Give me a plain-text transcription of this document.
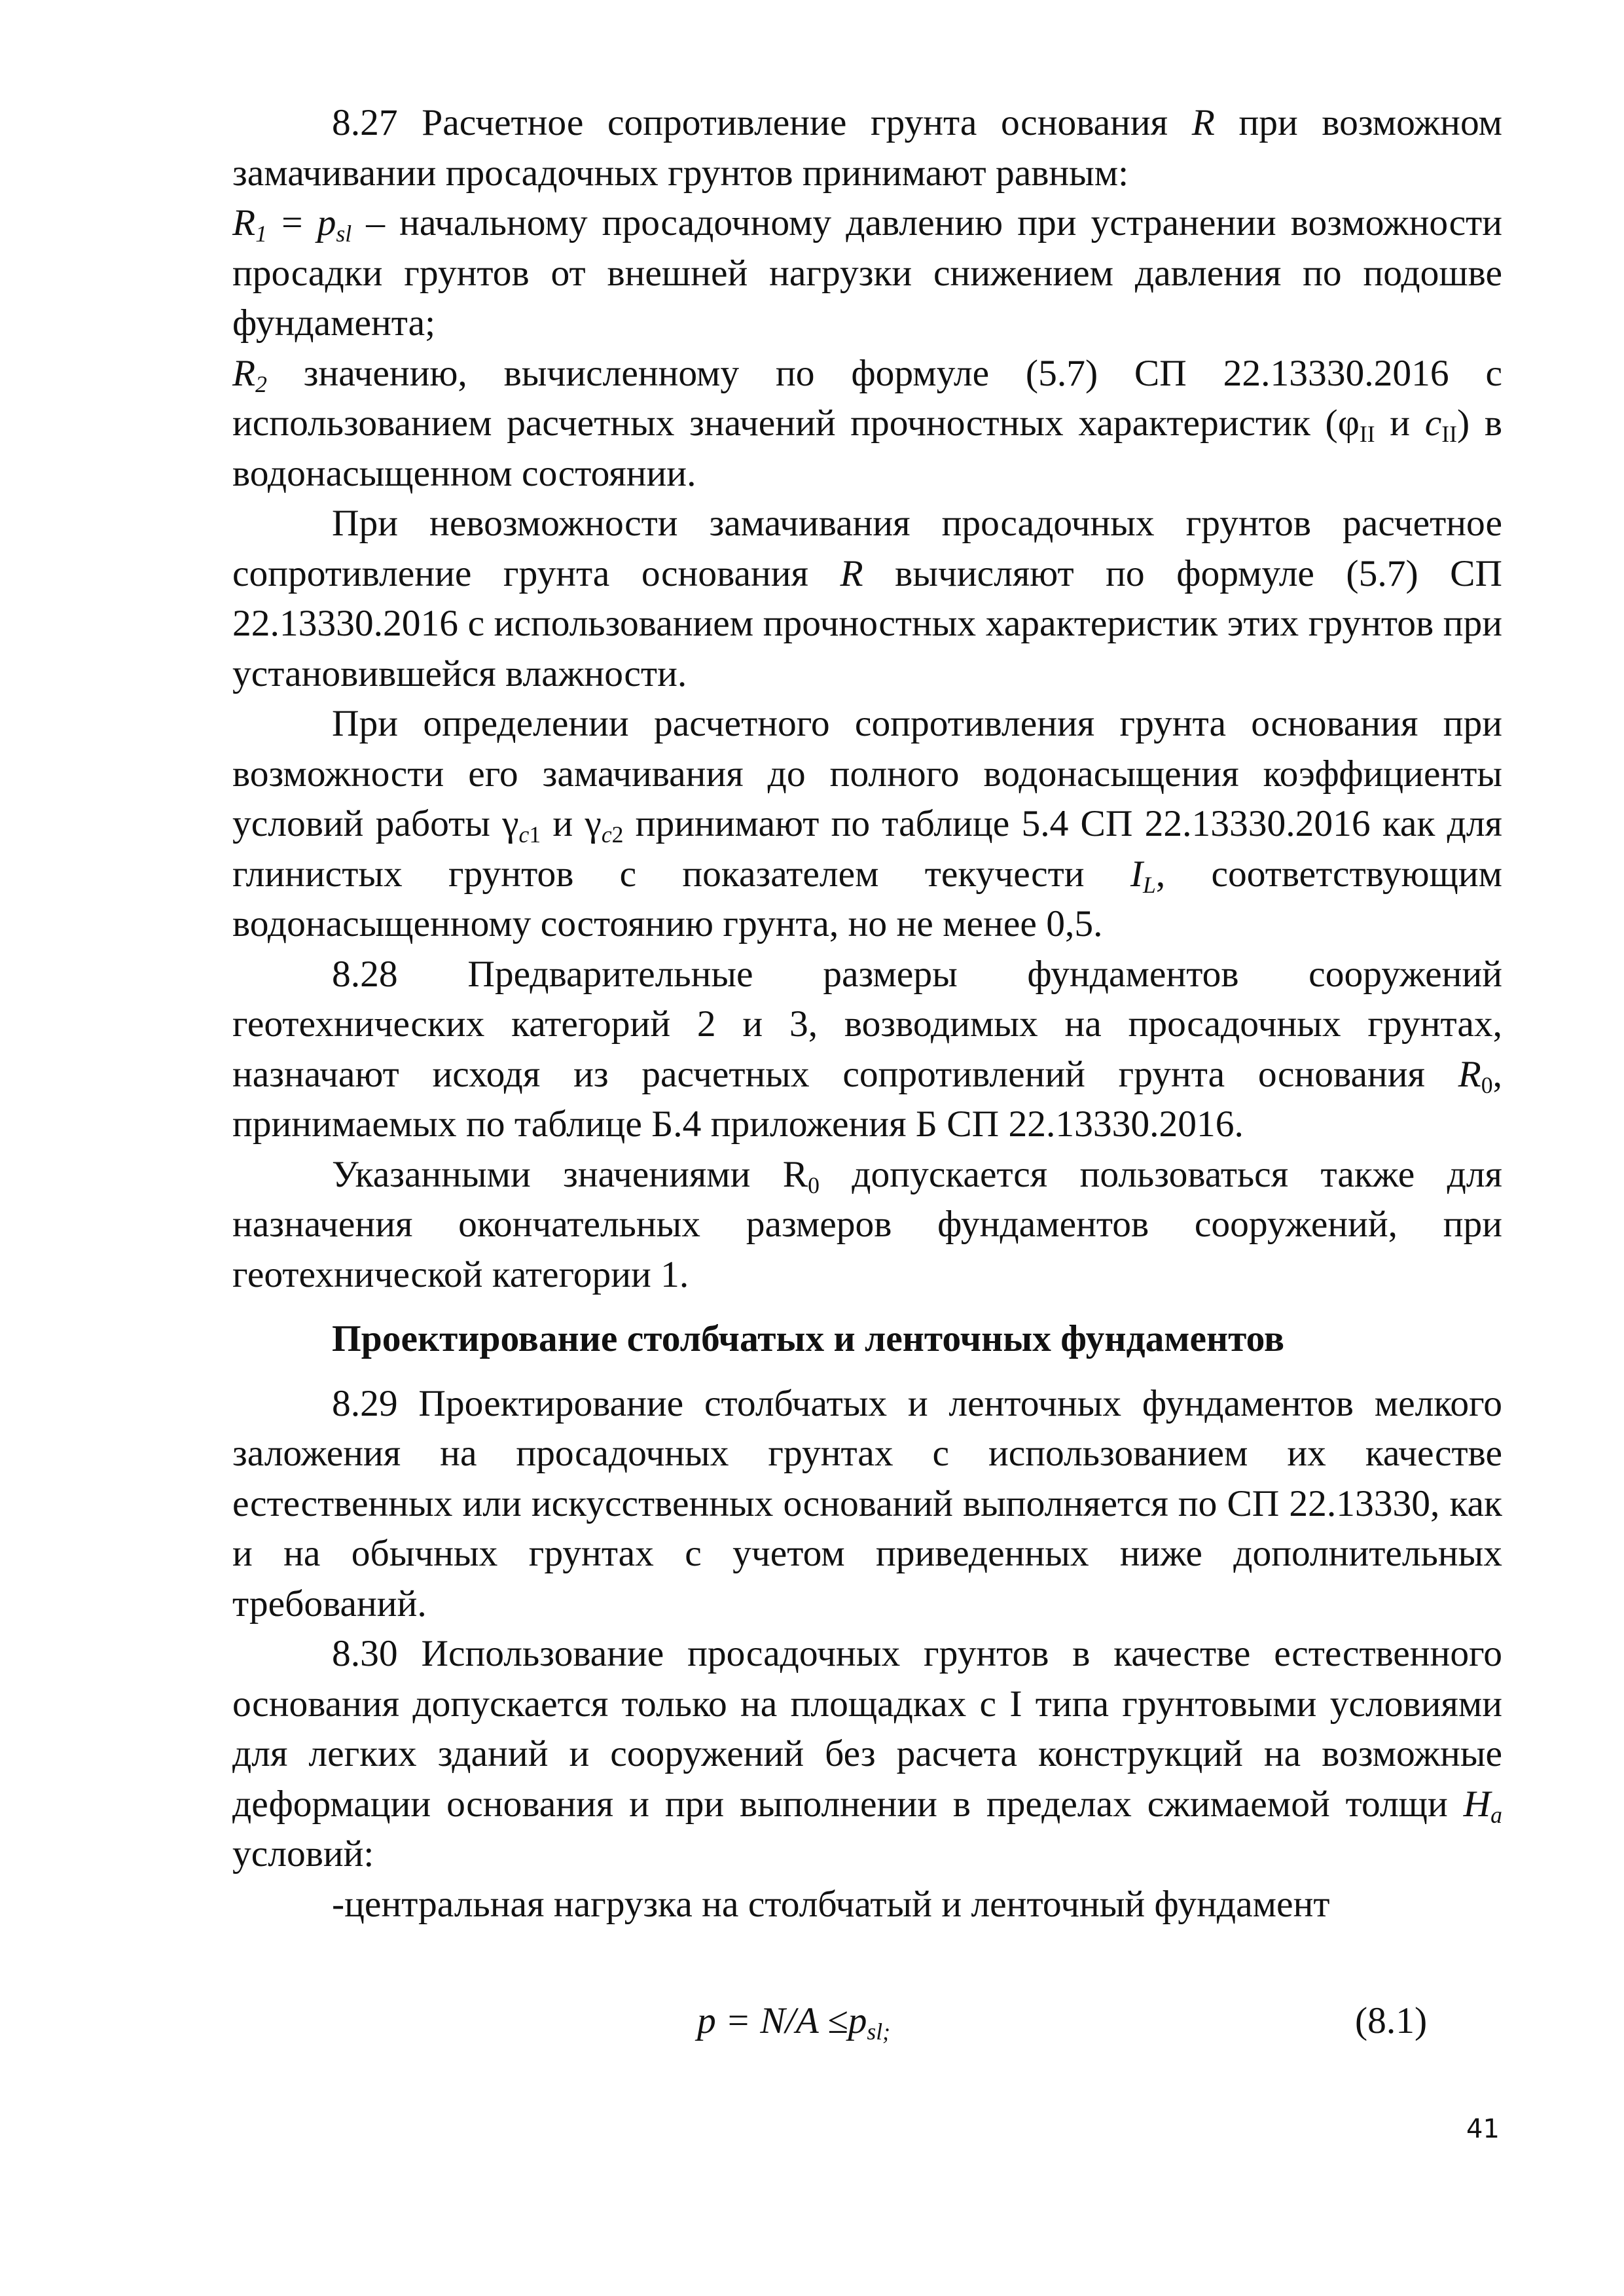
8.27 Расчетное сопротивление грунта основания R при возможном замачивании просадочных грунтов принимают равным:

$R_1 = p_{sl}$ – начальному просадочному давлению при устранении возможности просадки грунтов от внешней нагрузки снижением давления по подошве фундамента;

$R_2$ значению, вычисленному по формуле (5.7) СП 22.13330.2016 с использованием расчетных значений прочностных характеристик ($\varphi_{II}$ и $c_{II}$) в водонасыщенном состоянии.

При невозможности замачивания просадочных грунтов расчетное сопротивление грунта основания R вычисляют по формуле (5.7) СП 22.13330.2016 с использованием прочностных характеристик этих грунтов при установившейся влажности.

При определении расчетного сопротивления грунта основания при возможности его замачивания до полного водонасыщения коэффициенты условий работы $\gamma_{c1}$ и $\gamma_{c2}$ принимают по таблице 5.4 СП 22.13330.2016 как для глинистых грунтов с показателем текучести $I_L$, соответствующим водонасыщенному состоянию грунта, но не менее 0,5.

8.28 Предварительные размеры фундаментов сооружений геотехнических категорий 2 и 3, возводимых на просадочных грунтах, назначают исходя из расчетных сопротивлений грунта основания $R_0$, принимаемых по таблице Б.4 приложения Б СП 22.13330.2016.

Указанными значениями $R_0$ допускается пользоваться также для назначения окончательных размеров фундаментов сооружений, при геотехнической категории 1.

Проектирование столбчатых и ленточных фундаментов

8.29 Проектирование столбчатых и ленточных фундаментов мелкого заложения на просадочных грунтах с использованием их качестве естественных или искусственных оснований выполняется по СП 22.13330, как и на обычных грунтах с учетом приведенных ниже дополнительных требований.

8.30 Использование просадочных грунтов в качестве естественного основания допускается только на площадках с I типа грунтовыми условиями для легких зданий и сооружений без расчета конструкций на возможные деформации основания и при выполнении в пределах сжимаемой толщи $H_a$ условий:

-центральная нагрузка на столбчатый и ленточный фундамент

$p = N/A \le p_{sl;}$	(8.1)
41
